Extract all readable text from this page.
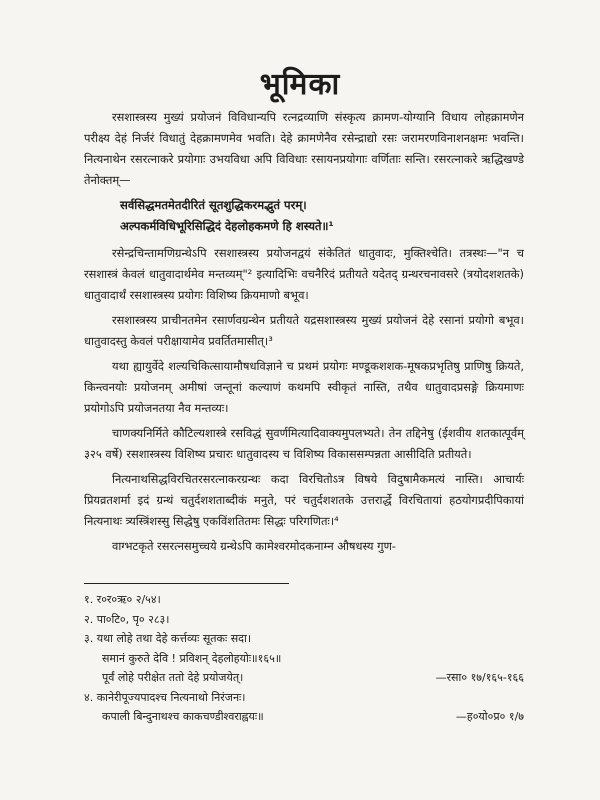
भूमिका

रसशास्त्रस्य मुख्यं प्रयोजनं विविधान्यपि रत्नद्रव्याणि संस्कृत्य क्रामण-योग्यानि विधाय लोहक्रामणेन परीक्ष्य देहं निर्जरं विधातुं देहक्रामणमेव भवति। देहे क्रामणेनैव रसेन्द्राद्यो रसः जरामरणविनाशनक्षमः भवन्ति। नित्यनाथेन रसरत्नाकरे प्रयोगाः उभयविधा अपि विविधाः रसायनप्रयोगाः वर्णिताः सन्ति। रसरत्नाकरे ऋद्धिखण्डे तेनोक्तम्—

सर्वसिद्धमतमेतदीरितं सूतशुद्धिकरमद्भुतं परम्।

अल्पकर्मविधिभूरिसिद्धिदं देहलोहकमणे हि शस्यते॥¹

रसेन्द्रचिन्तामणिग्रन्थेऽपि रसशास्त्रस्य प्रयोजनद्वयं संकेतितं धातुवादः, मुक्तिश्चेति। तत्रस्थः—"न च रसशास्त्रं केवलं धातुवादार्थमेव मन्तव्यम्"² इत्यादिभिः वचनैरिदं प्रतीयते यदेतद् ग्रन्थरचनावसरे (त्रयोदशशतके) धातुवादार्थं रसशास्त्रस्य प्रयोगः विशिष्य क्रियमाणो बभूव।

रसशास्त्रस्य प्राचीनतमेन रसार्णवग्रन्थेन प्रतीयते यद्रसशास्त्रस्य मुख्यं प्रयोजनं देहे रसानां प्रयोगो बभूव। धातुवादस्तु केवलं परीक्षायामेव प्रवर्तितमासीत्।³

यथा ह्यायुर्वेदे शल्यचिकित्सायामौषधविज्ञाने च प्रथमं प्रयोगः मण्डूकशशक-मूषकप्रभृतिषु प्राणिषु क्रियते, किन्त्वनयोः प्रयोजनम् अमीषां जन्तूनां कल्याणं कथमपि स्वीकृतं नास्ति, तथैव धातुवादप्रसङ्गे क्रियमाणः प्रयोगोऽपि प्रयोजनतया नैव मन्तव्यः।

चाणक्यनिर्मिते कौटिल्यशास्त्रे रसविद्धं सुवर्णमित्यादिवाक्यमुपलभ्यते। तेन तद्दिनेषु (ईशवीय शतकात्पूर्वम् ३२५ वर्षे) रसशास्त्रस्य विशिष्य प्रचारः धातुवादस्य च विशिष्य विकाससम्पन्नता आसीदिति प्रतीयते।

नित्यनाथसिद्धविरचितरसरत्नाकरग्रन्थः कदा विरचितोऽत्र विषये विदुषामैकमत्यं नास्ति। आचार्यः प्रियव्रतशर्मा इदं ग्रन्थं चतुर्दशशताब्दीकं मनुते, परं चतुर्दशशतके उत्तरार्द्धे विरचितायां हठयोगप्रदीपिकायां नित्यनाथः त्र्यस्त्रिंशस्सु सिद्धेषु एकविंशतितमः सिद्धः परिगणितः।⁴

वाग्भटकृते रसरत्नसमुच्चये ग्रन्थेऽपि कामेश्वरमोदकनाम्न औषधस्य गुण-

१. र०र०ऋ० २/५४।

२. पा०टि०, पृ० २८३।

३. यथा लोहे तथा देहे कर्त्तव्यः सूतकः सदा।

समानं कुरुते देवि ! प्रविशन् देहलोहयोः॥१६५॥

पूर्वं लोहे परीक्षेत ततो देहे प्रयोजयेत्।	—रसा० १७/१६५-१६६

४. कानेरीपूज्यपादश्च नित्यनाथो निरंजनः।

कपाली बिन्दुनाथश्च काकचण्डीश्वराह्वयः॥	—ह०यो०प्र० १/७
